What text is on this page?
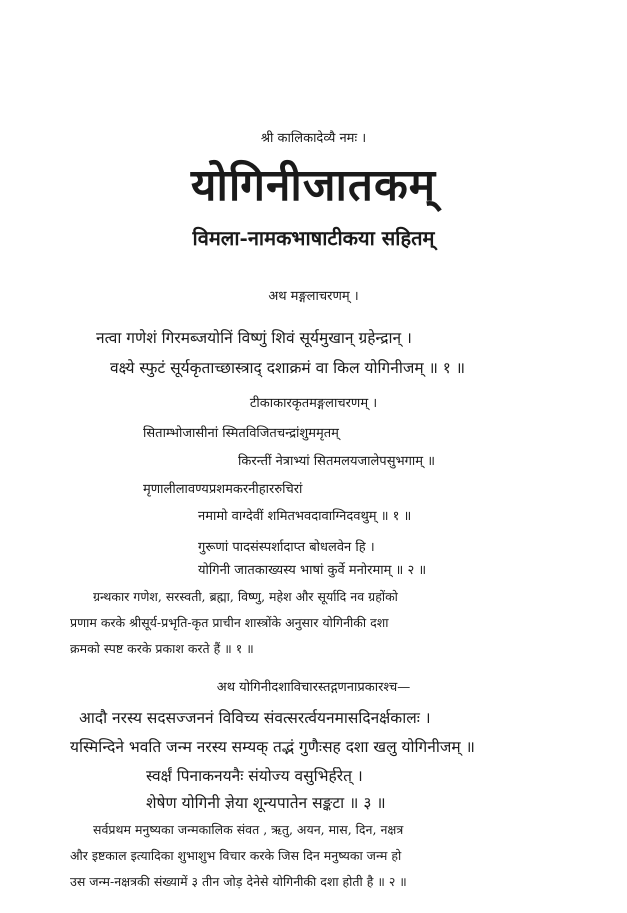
श्री कालिकादेव्यै नमः ।
योगिनीजातकम्
विमला-नामकभाषाटीकया सहितम्
अथ मङ्गलाचरणम् ।
नत्वा गणेशं गिरमब्जयोनिं विष्णुं शिवं सूर्यमुखान् ग्रहेन्द्रान् ।
वक्ष्ये स्फुटं सूर्यकृताच्छास्त्राद् दशाक्रमं वा किल योगिनीजम् ॥ १ ॥
टीकाकारकृतमङ्गलाचरणम् ।
सिताम्भोजासीनां स्मितविजितचन्द्रांशुममृतम्
किरन्तीं नेत्राभ्यां सितमलयजालेपसुभगाम् ॥
मृणालीलावण्यप्रशमकरनीहाररुचिरां
नमामो वाग्देवीं शमितभवदावाग्निदवथुम् ॥ १ ॥
गुरूणां पादसंस्पर्शादाप्त बोधलवेन हि ।
योगिनी जातकाख्यस्य भाषां कुर्वे मनोरमाम् ॥ २ ॥
ग्रन्थकार गणेश, सरस्वती, ब्रह्मा, विष्णु, महेश और सूर्यादि नव ग्रहोंको
प्रणाम करके श्रीसूर्य-प्रभृति-कृत प्राचीन शास्त्रोंके अनुसार योगिनीकी दशा
क्रमको स्पष्ट करके प्रकाश करते हैं ॥ १ ॥
अथ योगिनीदशाविचारस्तद्गणनाप्रकारश्च—
आदौ नरस्य सदसज्जननं विविच्य संवत्सरर्त्वयनमासदिनर्क्षकालः ।
यस्मिन्दिने भवति जन्म नरस्य सम्यक् तद्भं गुणैःसह दशा खलु योगिनीजम् ॥
स्वर्क्षं पिनाकनयनैः संयोज्य वसुभिर्हरेत् ।
शेषेण योगिनी ज्ञेया शून्यपातेन सङ्कटा ॥ ३ ॥
सर्वप्रथम मनुष्यका जन्मकालिक संवत , ऋतु, अयन, मास, दिन, नक्षत्र
और इष्टकाल इत्यादिका शुभाशुभ विचार करके जिस दिन मनुष्यका जन्म हो
उस जन्म-नक्षत्रकी संख्यामें ३ तीन जोड़ देनेसे योगिनीकी दशा होती है ॥ २ ॥
